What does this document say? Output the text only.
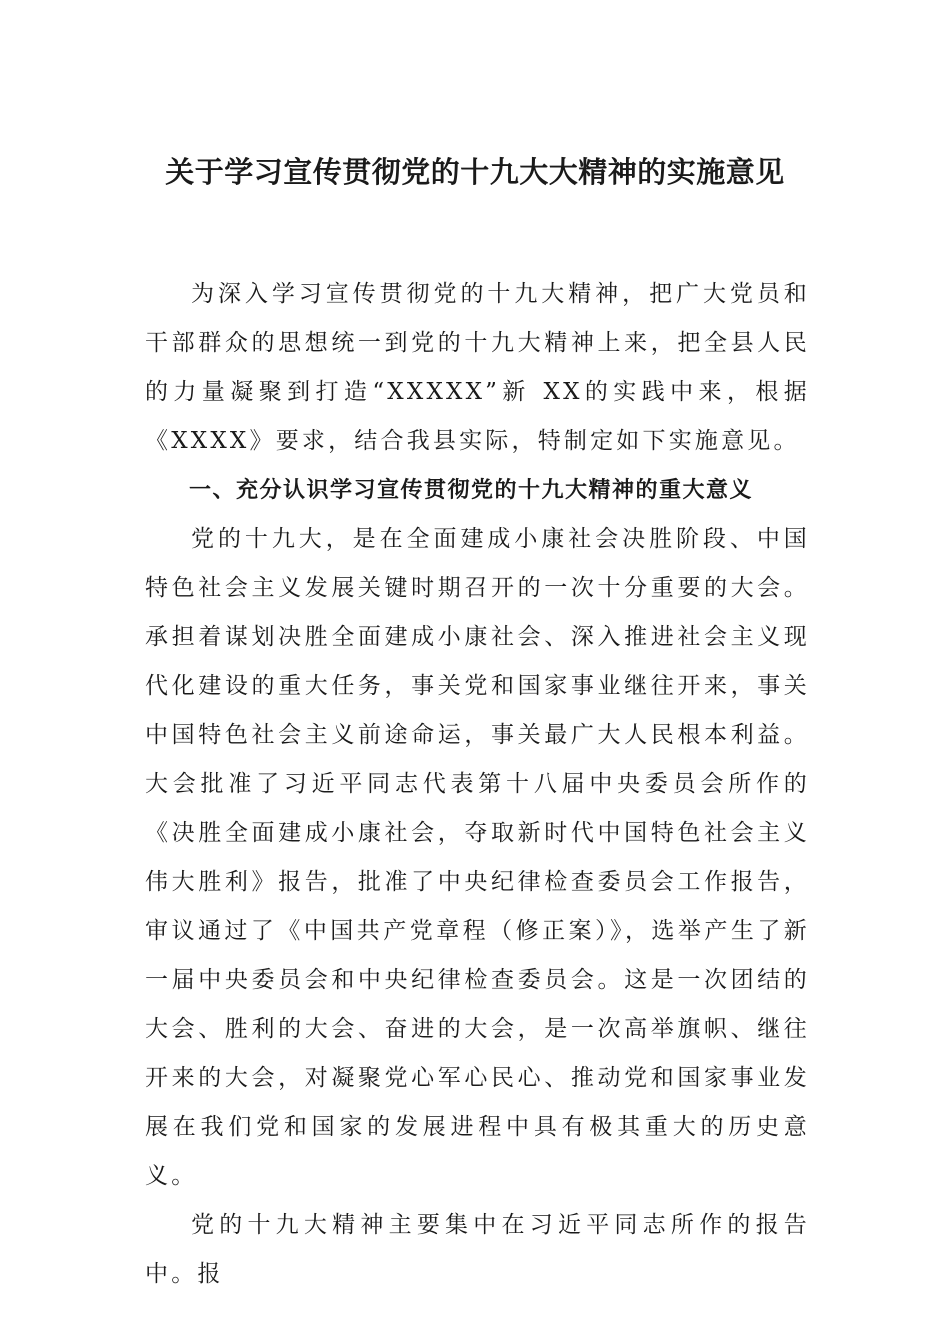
关于学习宣传贯彻党的十九大大精神的实施意见

为深入学习宣传贯彻党的十九大精神，把广大党员和干部群众的思想统一到党的十九大精神上来，把全县人民的力量凝聚到打造“XXXXX”新 XX的实践中来，根据《XXXX》要求，结合我县实际，特制定如下实施意见。

一、充分认识学习宣传贯彻党的十九大精神的重大意义

党的十九大，是在全面建成小康社会决胜阶段、中国特色社会主义发展关键时期召开的一次十分重要的大会。承担着谋划决胜全面建成小康社会、深入推进社会主义现代化建设的重大任务，事关党和国家事业继往开来，事关中国特色社会主义前途命运，事关最广大人民根本利益。大会批准了习近平同志代表第十八届中央委员会所作的《决胜全面建成小康社会，夺取新时代中国特色社会主义伟大胜利》报告，批准了中央纪律检查委员会工作报告，审议通过了《中国共产党章程（修正案）》，选举产生了新一届中央委员会和中央纪律检查委员会。这是一次团结的大会、胜利的大会、奋进的大会，是一次高举旗帜、继往开来的大会，对凝聚党心军心民心、推动党和国家事业发展在我们党和国家的发展进程中具有极其重大的历史意义。

党的十九大精神主要集中在习近平同志所作的报告中。报
